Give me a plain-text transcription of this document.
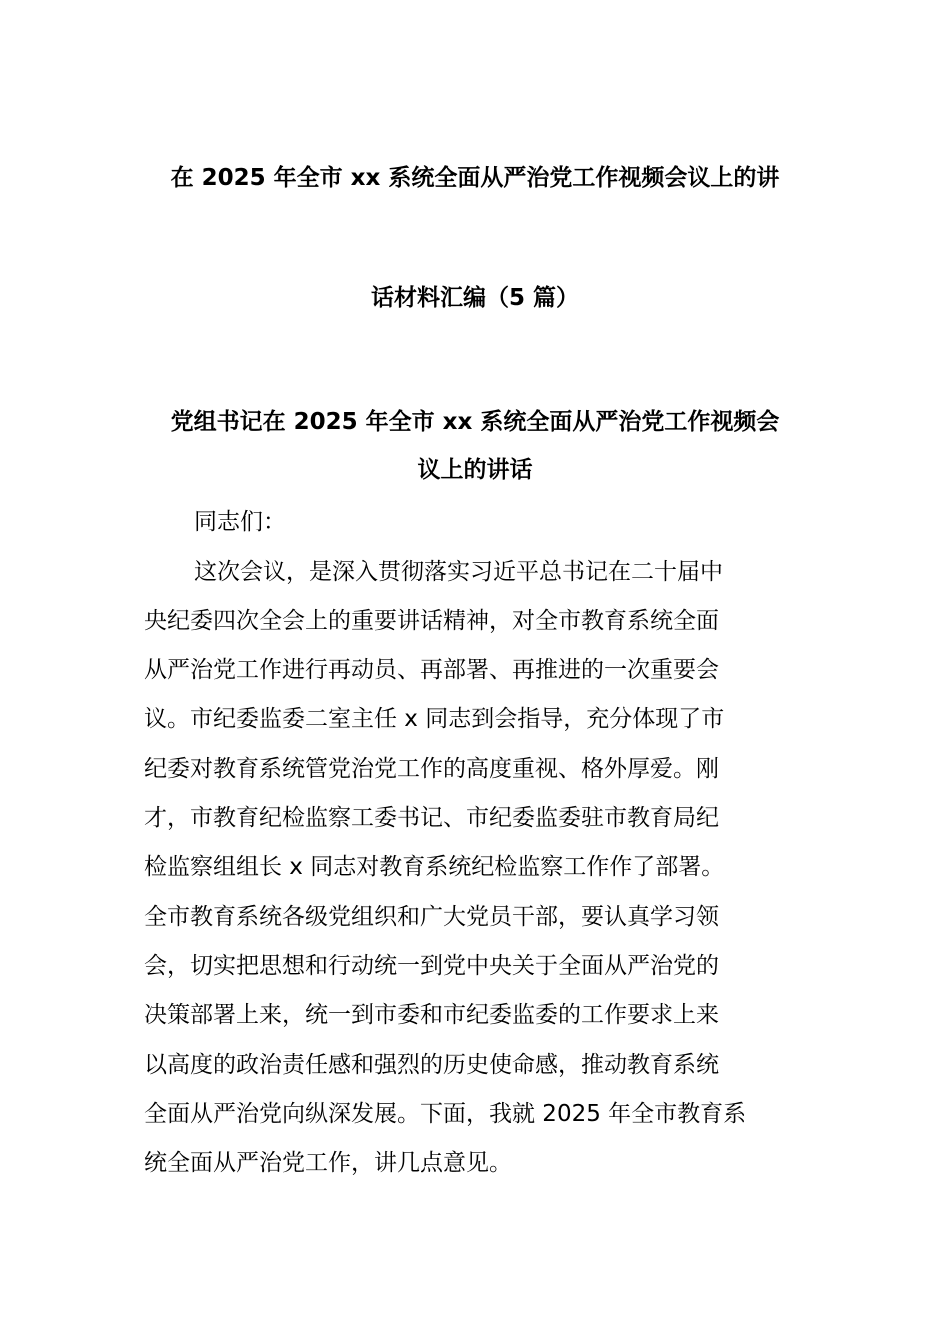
在 2025 年全市 xx 系统全面从严治党工作视频会议上的讲
话材料汇编（5 篇）
党组书记在 2025 年全市 xx 系统全面从严治党工作视频会
议上的讲话
同志们：
这次会议，是深入贯彻落实习近平总书记在二十届中
央纪委四次全会上的重要讲话精神，对全市教育系统全面
从严治党工作进行再动员、再部署、再推进的一次重要会
议。市纪委监委二室主任 x 同志到会指导，充分体现了市
纪委对教育系统管党治党工作的高度重视、格外厚爱。刚
才，市教育纪检监察工委书记、市纪委监委驻市教育局纪
检监察组组长 x 同志对教育系统纪检监察工作作了部署。
全市教育系统各级党组织和广大党员干部，要认真学习领
会，切实把思想和行动统一到党中央关于全面从严治党的
决策部署上来，统一到市委和市纪委监委的工作要求上来
以高度的政治责任感和强烈的历史使命感，推动教育系统
全面从严治党向纵深发展。下面，我就 2025 年全市教育系
统全面从严治党工作，讲几点意见。
